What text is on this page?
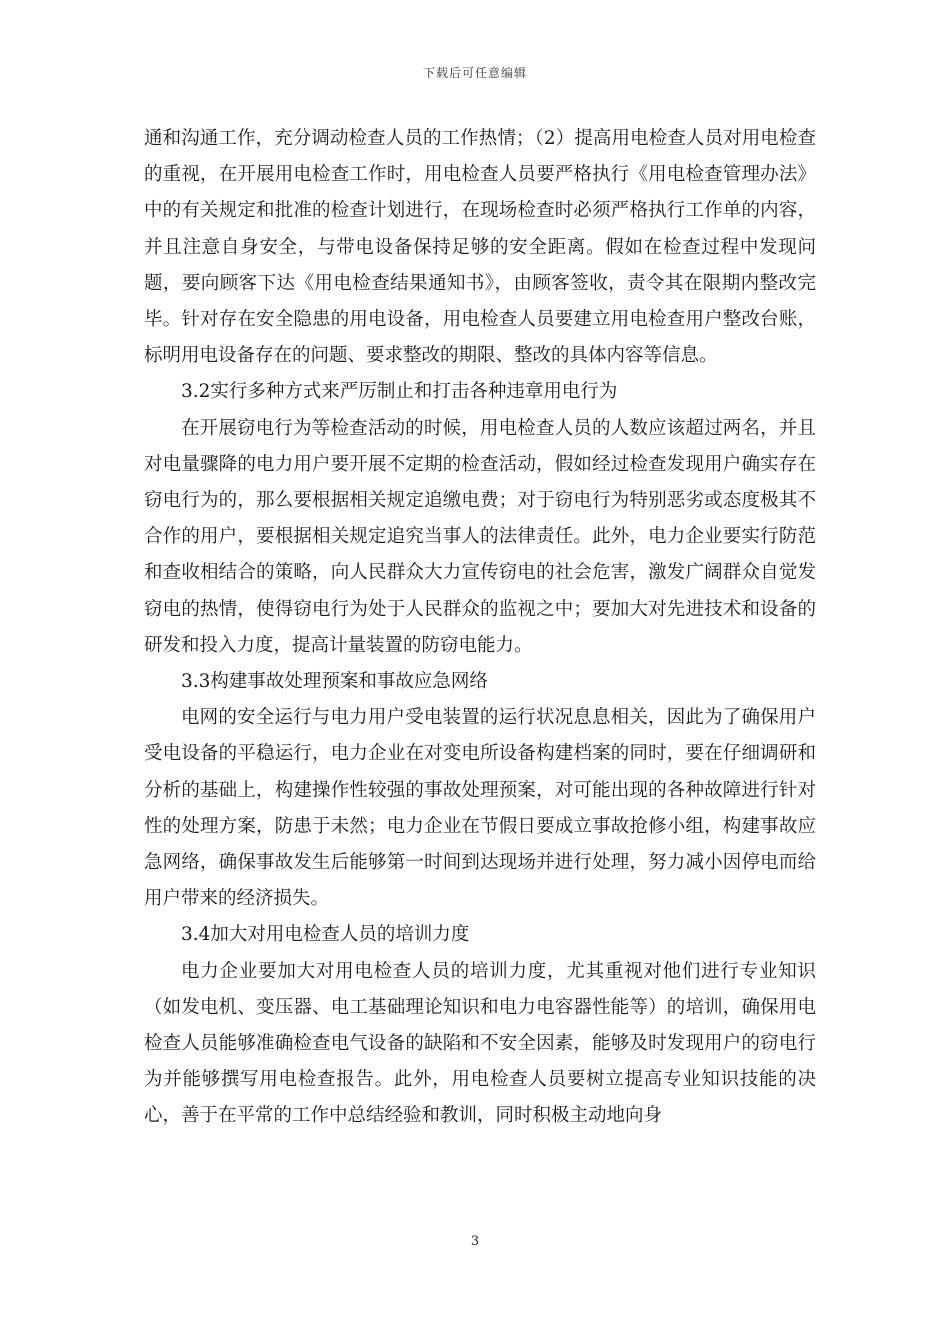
下载后可任意编辑

通和沟通工作，充分调动检查人员的工作热情；（2）提高用电检查人员对用电检查的重视，在开展用电检查工作时，用电检查人员要严格执行《用电检查管理办法》中的有关规定和批准的检查计划进行，在现场检查时必须严格执行工作单的内容，并且注意自身安全，与带电设备保持足够的安全距离。假如在检查过程中发现问题，要向顾客下达《用电检查结果通知书》，由顾客签收，责令其在限期内整改完毕。针对存在安全隐患的用电设备，用电检查人员要建立用电检查用户整改台账，标明用电设备存在的问题、要求整改的期限、整改的具体内容等信息。

3.2实行多种方式来严厉制止和打击各种违章用电行为

在开展窃电行为等检查活动的时候，用电检查人员的人数应该超过两名，并且对电量骤降的电力用户要开展不定期的检查活动，假如经过检查发现用户确实存在窃电行为的，那么要根据相关规定追缴电费；对于窃电行为特别恶劣或态度极其不合作的用户，要根据相关规定追究当事人的法律责任。此外，电力企业要实行防范和查收相结合的策略，向人民群众大力宣传窃电的社会危害，激发广阔群众自觉发窃电的热情，使得窃电行为处于人民群众的监视之中；要加大对先进技术和设备的研发和投入力度，提高计量装置的防窃电能力。

3.3构建事故处理预案和事故应急网络

电网的安全运行与电力用户受电装置的运行状况息息相关，因此为了确保用户受电设备的平稳运行，电力企业在对变电所设备构建档案的同时，要在仔细调研和分析的基础上，构建操作性较强的事故处理预案，对可能出现的各种故障进行针对性的处理方案，防患于未然；电力企业在节假日要成立事故抢修小组，构建事故应急网络，确保事故发生后能够第一时间到达现场并进行处理，努力减小因停电而给用户带来的经济损失。

3.4加大对用电检查人员的培训力度

电力企业要加大对用电检查人员的培训力度，尤其重视对他们进行专业知识（如发电机、变压器、电工基础理论知识和电力电容器性能等）的培训，确保用电检查人员能够准确检查电气设备的缺陷和不安全因素，能够及时发现用户的窃电行为并能够撰写用电检查报告。此外，用电检查人员要树立提高专业知识技能的决心，善于在平常的工作中总结经验和教训，同时积极主动地向身

3
